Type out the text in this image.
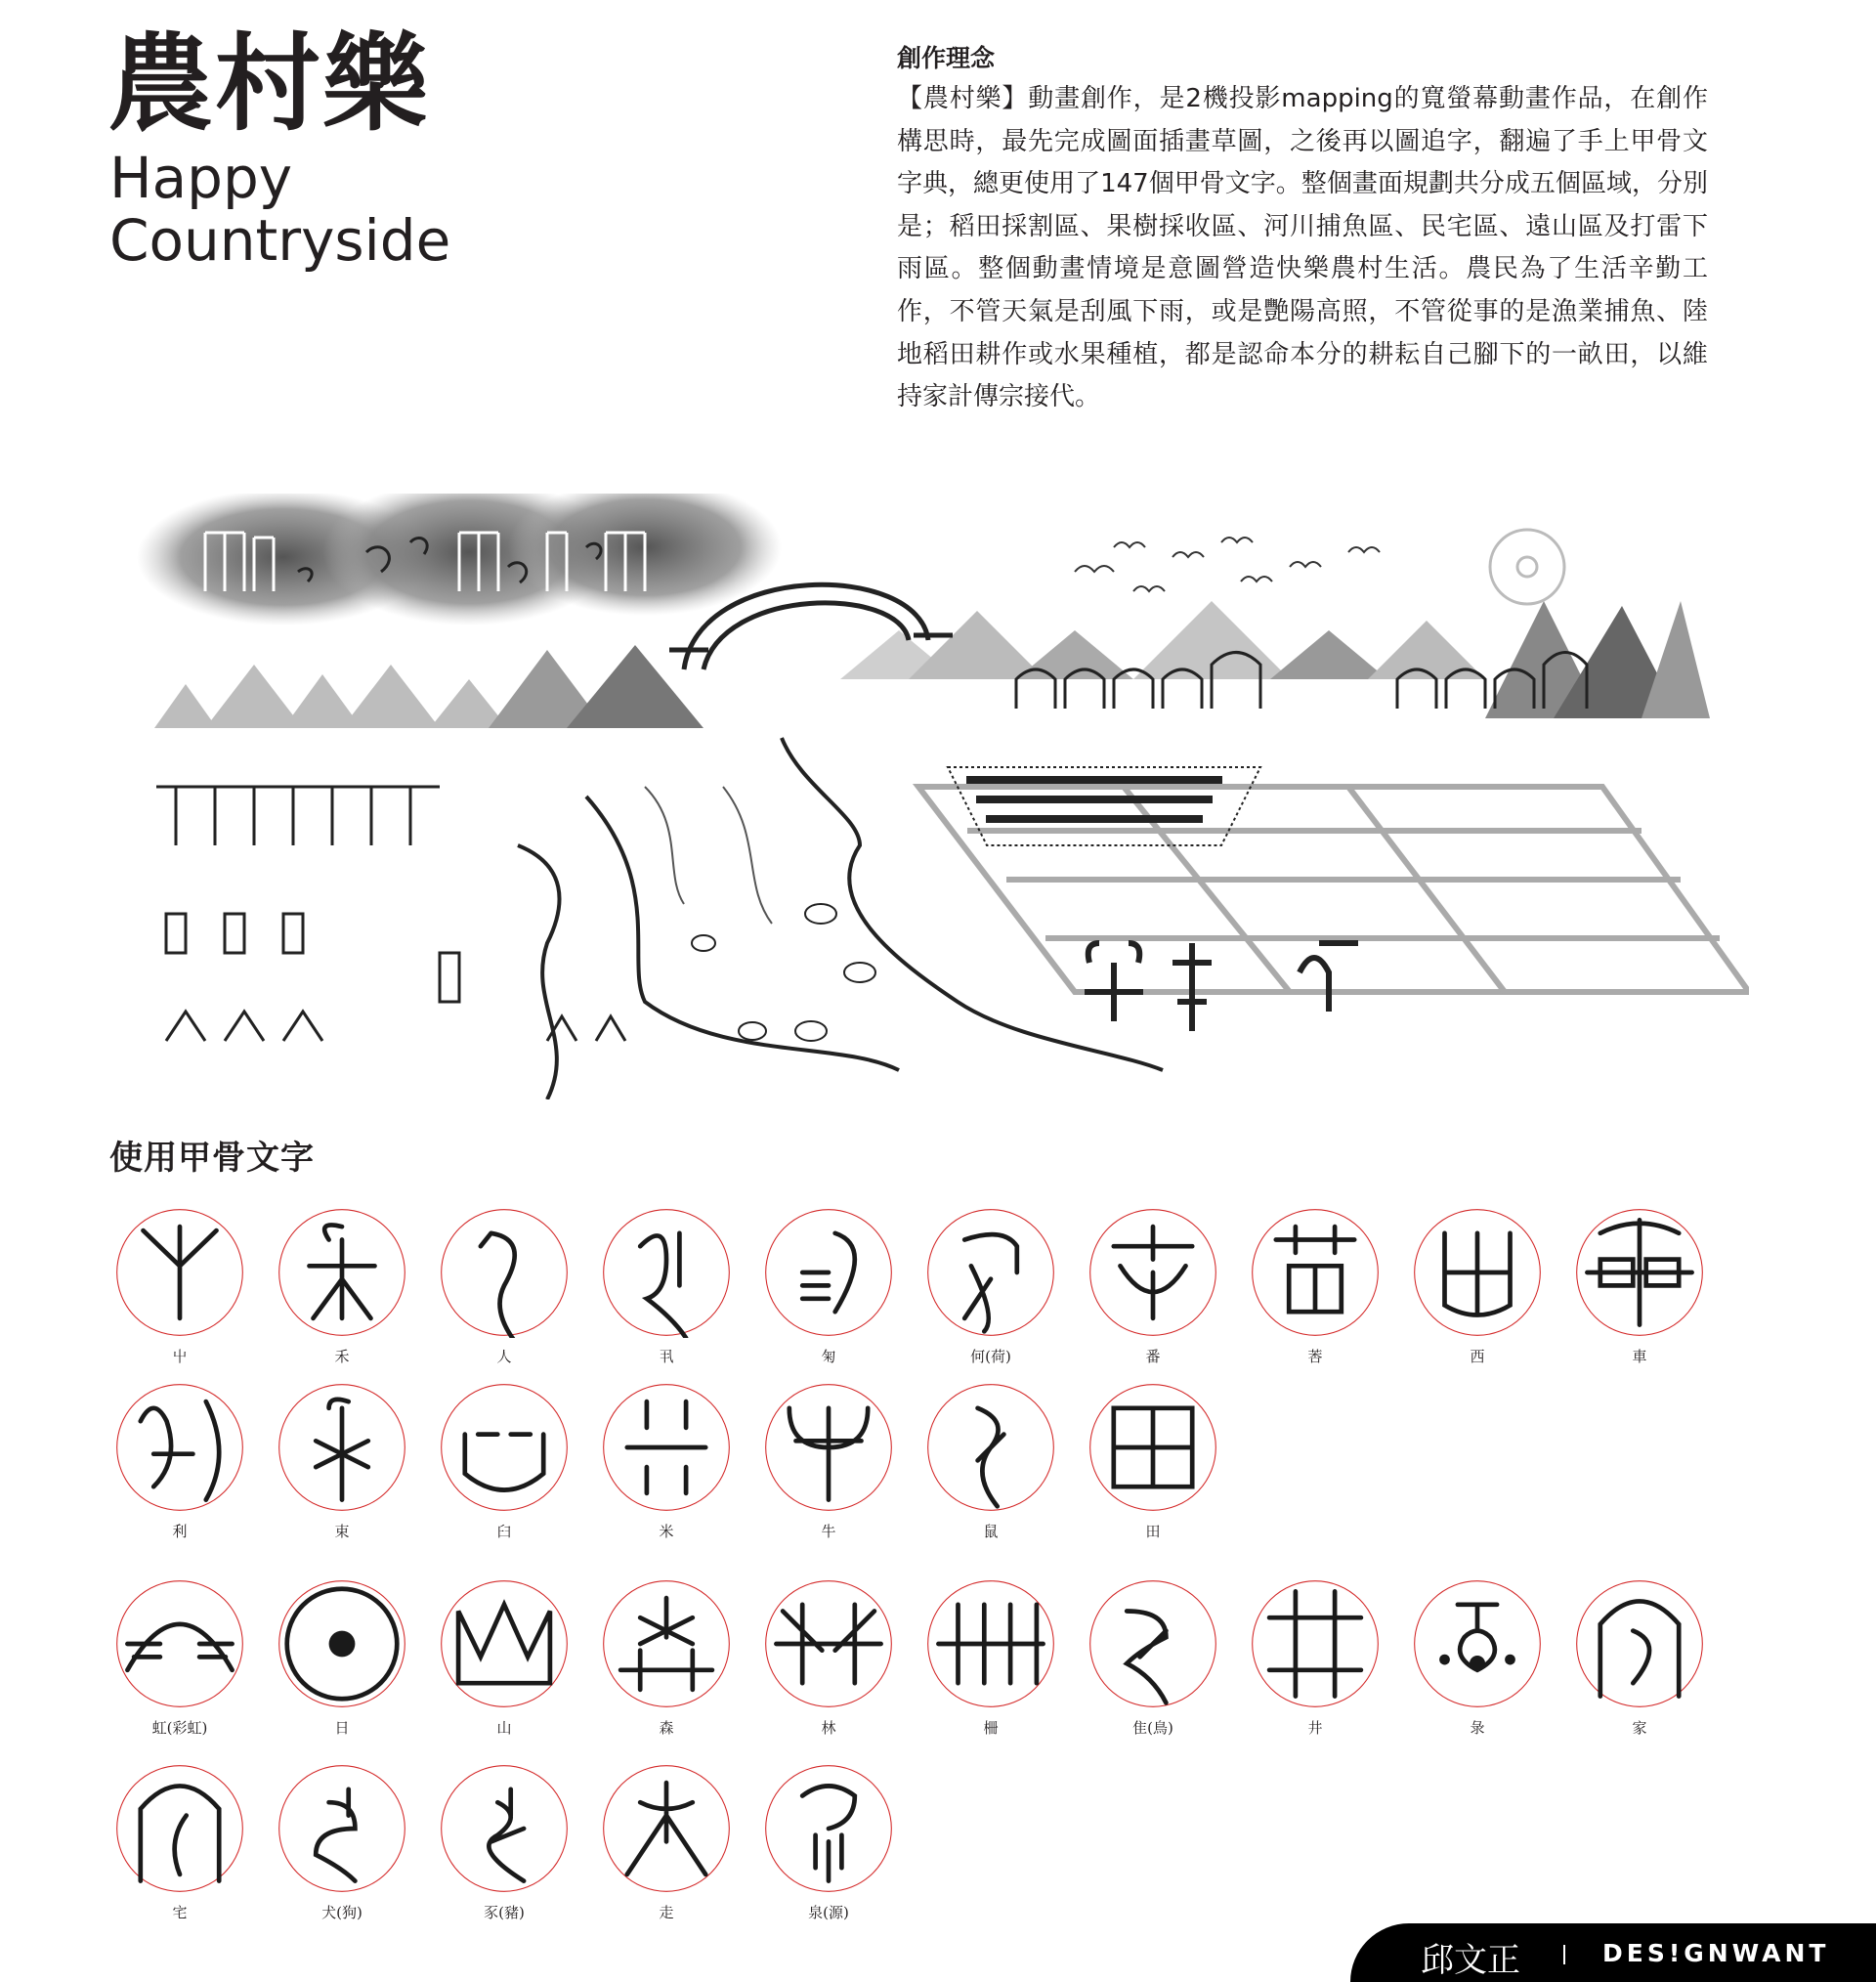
農村樂
Happy
Countryside
創作理念

【農村樂】動畫創作，是2機投影mapping的寬螢幕動畫作品，在創作構思時，最先完成圖面插畫草圖，之後再以圖追字，翻遍了手上甲骨文字典，總更使用了147個甲骨文字。整個畫面規劃共分成五個區域，分別是；稻田採割區、果樹採收區、河川捕魚區、民宅區、遠山區及打雷下雨區。整個動畫情境是意圖營造快樂農村生活。農民為了生活辛勤工作，不管天氣是刮風下雨，或是艷陽高照，不管從事的是漁業捕魚、陸地稻田耕作或水果種植，都是認命本分的耕耘自己腳下的一畝田，以維持家計傳宗接代。

使用甲骨文字
屮	禾	人	丮	匊	何(荷)	番	莕	西	車
利	束	臼	米	牛	鼠	田
虹(彩虹)	日	山	森	林	柵	隹(鳥)	井	彔	家
宅	犬(狗)	豕(豬)	走	泉(源)
邱文正	DES!GNWANT
